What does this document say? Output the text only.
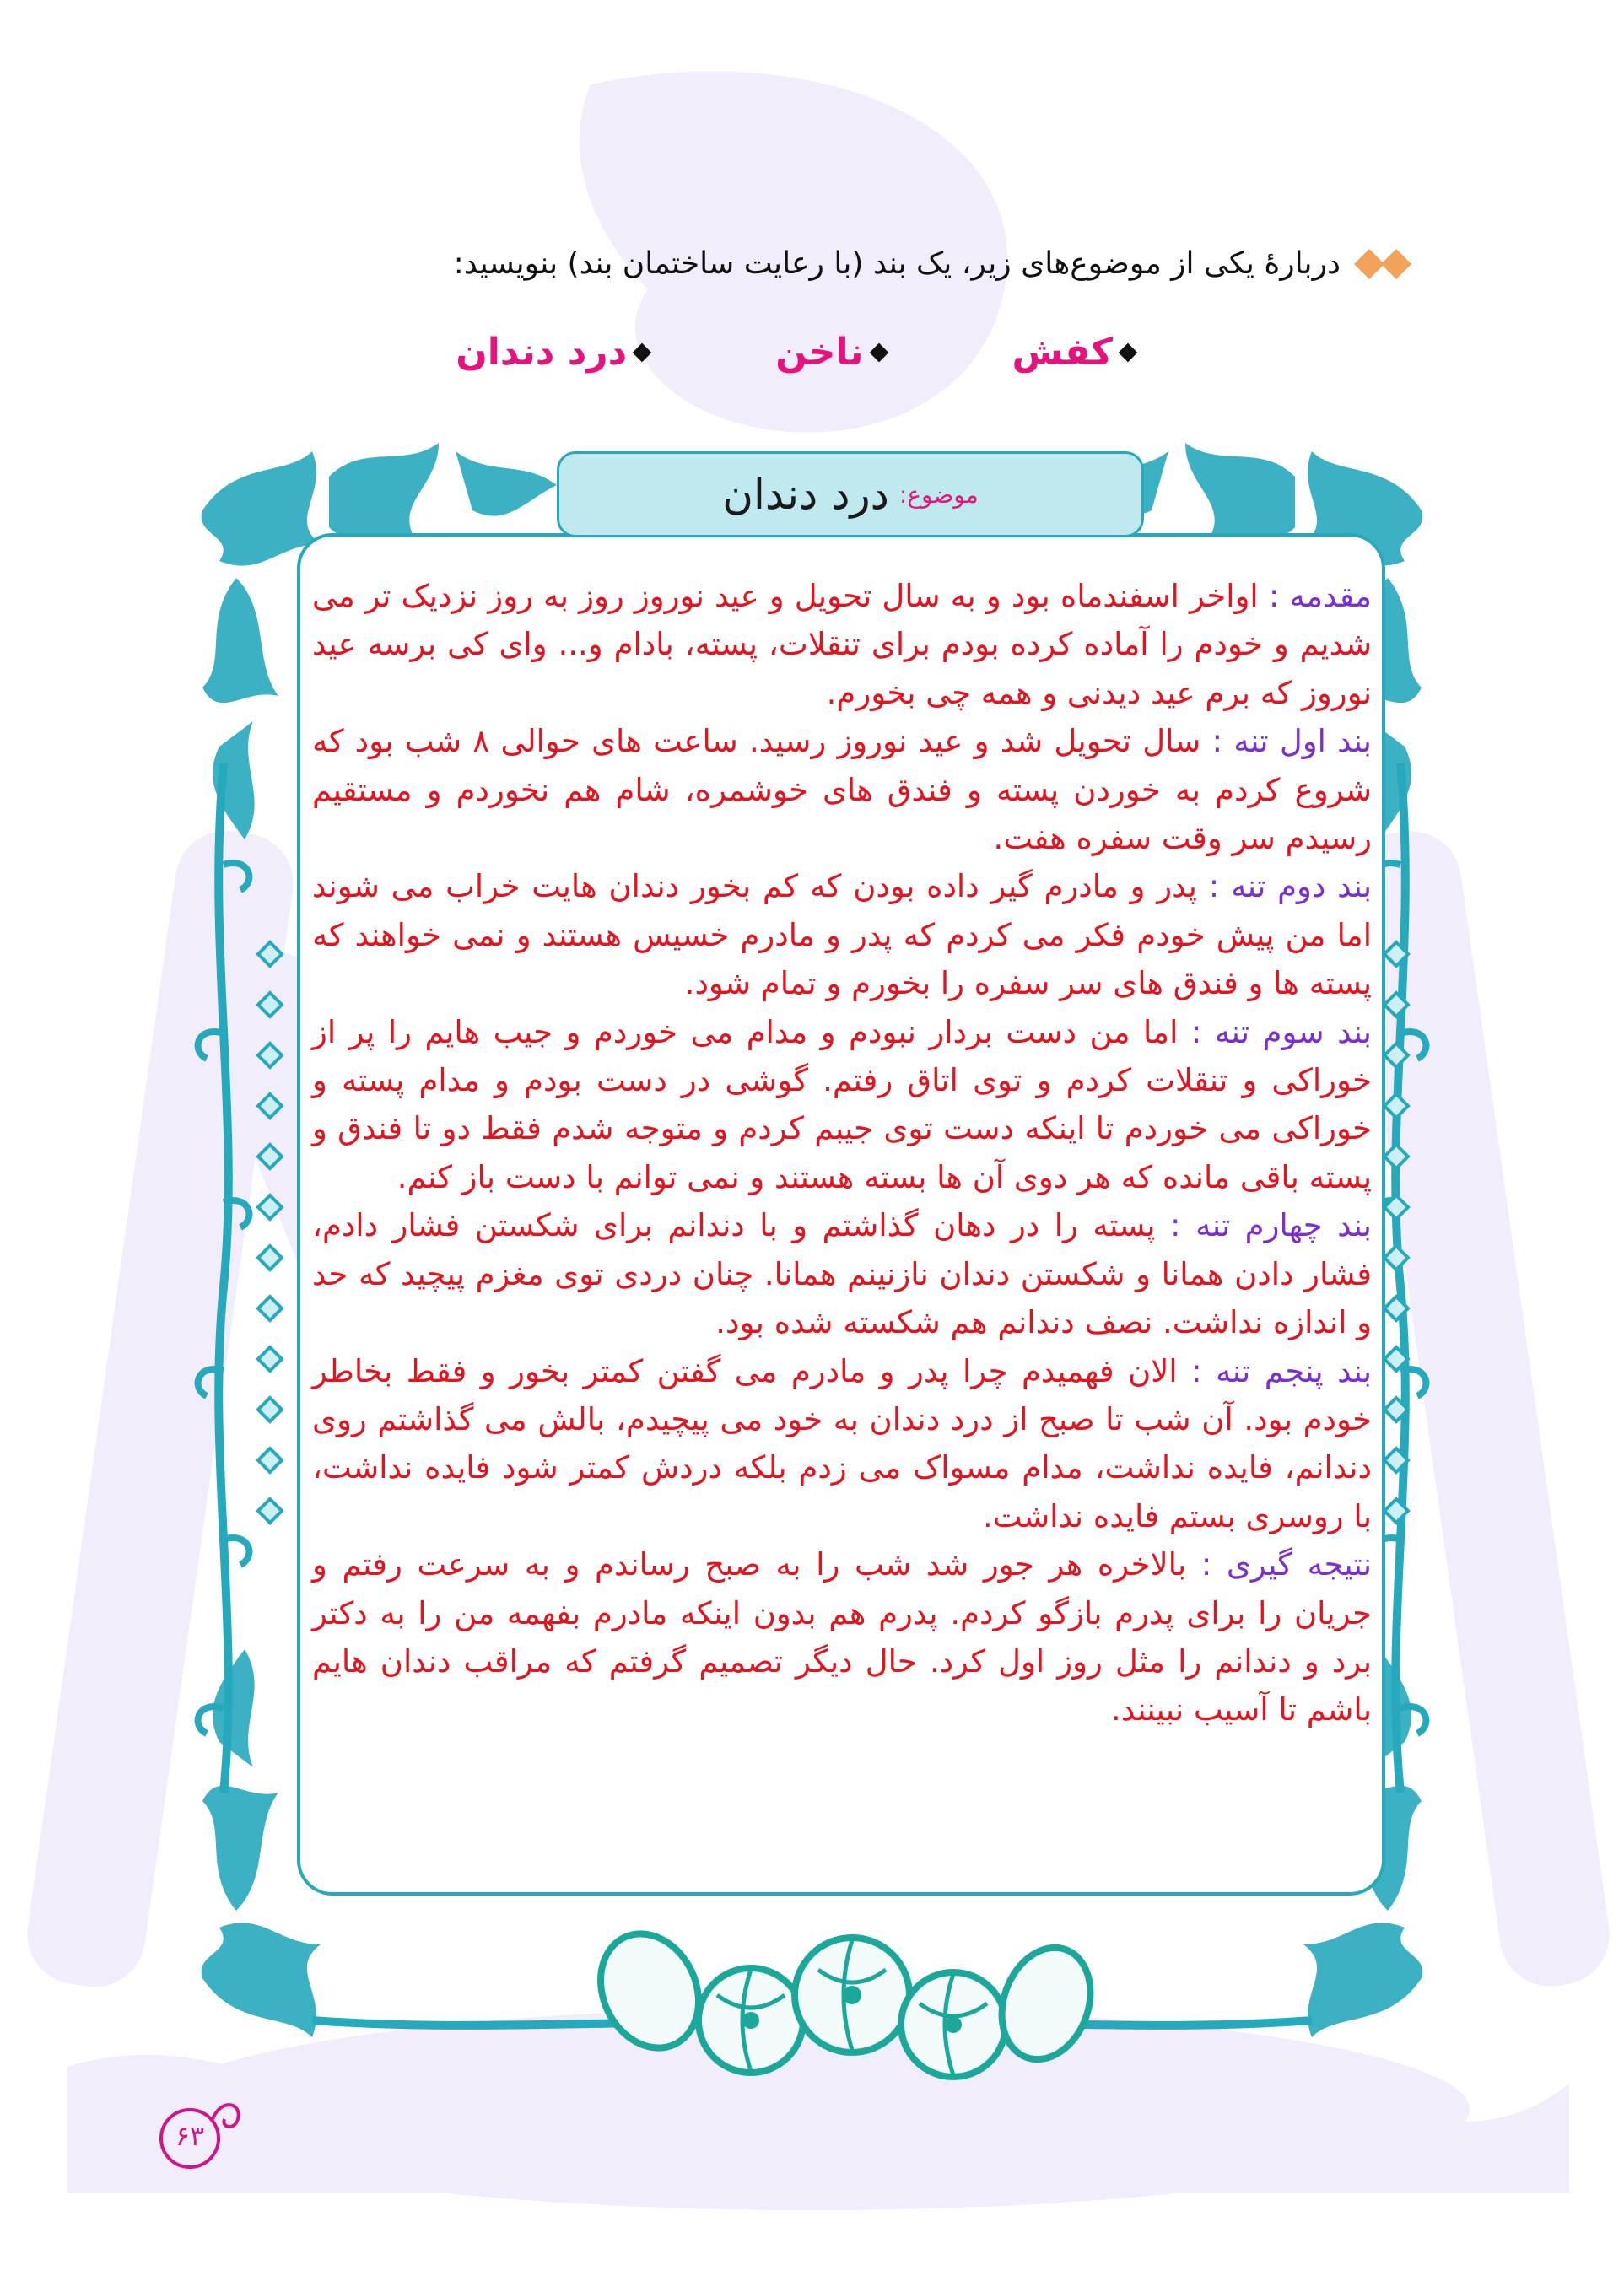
دربارهٔ یکی از موضوع‌های زیر، یک بند (با رعایت ساختمان بند) بنویسید:
کفش
ناخن
درد دندان
موضوع:
درد دندان

مقدمه : اواخر اسفندماه بود و به سال تحویل و عید نوروز روز به روز نزدیک تر می شدیم و خودم را آماده کرده بودم برای تنقلات، پسته، بادام و... وای کی برسه عید نوروز که برم عید دیدنی و همه چی بخورم.

بند اول تنه : سال تحویل شد و عید نوروز رسید. ساعت های حوالی ۸ شب بود که شروع کردم به خوردن پسته و فندق های خوشمره، شام هم نخوردم و مستقیم رسیدم سر وقت سفره هفت.

بند دوم تنه : پدر و مادرم گیر داده بودن که کم بخور دندان هایت خراب می شوند اما من پیش خودم فکر می کردم که پدر و مادرم خسیس هستند و نمی خواهند که پسته ها و فندق های سر سفره را بخورم و تمام شود.

بند سوم تنه : اما من دست بردار نبودم و مدام می خوردم و جیب هایم را پر از خوراکی و تنقلات کردم و توی اتاق رفتم. گوشی در دست بودم و مدام پسته و خوراکی می خوردم تا اینکه دست توی جیبم کردم و متوجه شدم فقط دو تا فندق و پسته باقی مانده که هر دوی آن ها بسته هستند و نمی توانم با دست باز کنم.

بند چهارم تنه : پسته را در دهان گذاشتم و با دندانم برای شکستن فشار دادم، فشار دادن همانا و شکستن دندان نازنینم همانا. چنان دردی توی مغزم پیچید که حد و اندازه نداشت. نصف دندانم هم شکسته شده بود.

بند پنجم تنه : الان فهمیدم چرا پدر و مادرم می گفتن کمتر بخور و فقط بخاطر خودم بود. آن شب تا صبح از درد دندان به خود می پیچیدم، بالش می گذاشتم روی دندانم، فایده نداشت، مدام مسواک می زدم بلکه دردش کمتر شود فایده نداشت، با روسری بستم فایده نداشت.

نتیجه گیری : بالاخره هر جور شد شب را به صبح رساندم و به سرعت رفتم و جریان را برای پدرم بازگو کردم. پدرم هم بدون اینکه مادرم بفهمه من را به دکتر برد و دندانم را مثل روز اول کرد. حال دیگر تصمیم گرفتم که مراقب دندان هایم باشم تا آسیب نبینند.

۶۳
